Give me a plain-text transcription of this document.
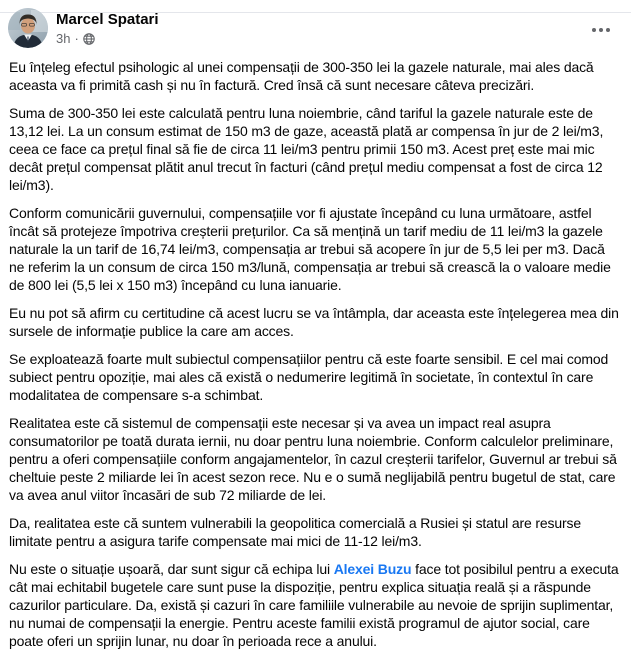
Marcel Spatari
3h ·

Eu înțeleg efectul psihologic al unei compensații de 300-350 lei la gazele naturale, mai ales dacă aceasta va fi primită cash și nu în factură. Cred însă că sunt necesare câteva precizări.

Suma de 300-350 lei este calculată pentru luna noiembrie, când tariful la gazele naturale este de 13,12 lei. La un consum estimat de 150 m3 de gaze, această plată ar compensa în jur de 2 lei/m3, ceea ce face ca prețul final să fie de circa 11 lei/m3 pentru primii 150 m3. Acest preț este mai mic decât prețul compensat plătit anul trecut în facturi (când prețul mediu compensat a fost de circa 12 lei/m3).

Conform comunicării guvernului, compensațiile vor fi ajustate începând cu luna următoare, astfel încât să protejeze împotriva creșterii prețurilor. Ca să mențină un tarif mediu de 11 lei/m3 la gazele naturale la un tarif de 16,74 lei/m3, compensația ar trebui să acopere în jur de 5,5 lei per m3. Dacă ne referim la un consum de circa 150 m3/lună, compensația ar trebui să crească la o valoare medie de 800 lei (5,5 lei x 150 m3) începând cu luna ianuarie.

Eu nu pot să afirm cu certitudine că acest lucru se va întâmpla, dar aceasta este înțelegerea mea din sursele de informație publice la care am acces.

Se exploatează foarte mult subiectul compensațiilor pentru că este foarte sensibil. E cel mai comod subiect pentru opoziție, mai ales că există o nedumerire legitimă în societate, în contextul în care modalitatea de compensare s-a schimbat.

Realitatea este că sistemul de compensații este necesar și va avea un impact real asupra consumatorilor pe toată durata iernii, nu doar pentru luna noiembrie. Conform calculelor preliminare, pentru a oferi compensațiile conform angajamentelor, în cazul creșterii tarifelor, Guvernul ar trebui să cheltuie peste 2 miliarde lei în acest sezon rece. Nu e o sumă neglijabilă pentru bugetul de stat, care va avea anul viitor încasări de sub 72 miliarde de lei.

Da, realitatea este că suntem vulnerabili la geopolitica comercială a Rusiei și statul are resurse limitate pentru a asigura tarife compensate mai mici de 11-12 lei/m3.

Nu este o situație ușoară, dar sunt sigur că echipa lui Alexei Buzu face tot posibilul pentru a executa cât mai echitabil bugetele care sunt puse la dispoziție, pentru explica situația reală și a răspunde cazurilor particulare. Da, există și cazuri în care familiile vulnerabile au nevoie de sprijin suplimentar, nu numai de compensații la energie. Pentru aceste familii există programul de ajutor social, care poate oferi un sprijin lunar, nu doar în perioada rece a anului.
